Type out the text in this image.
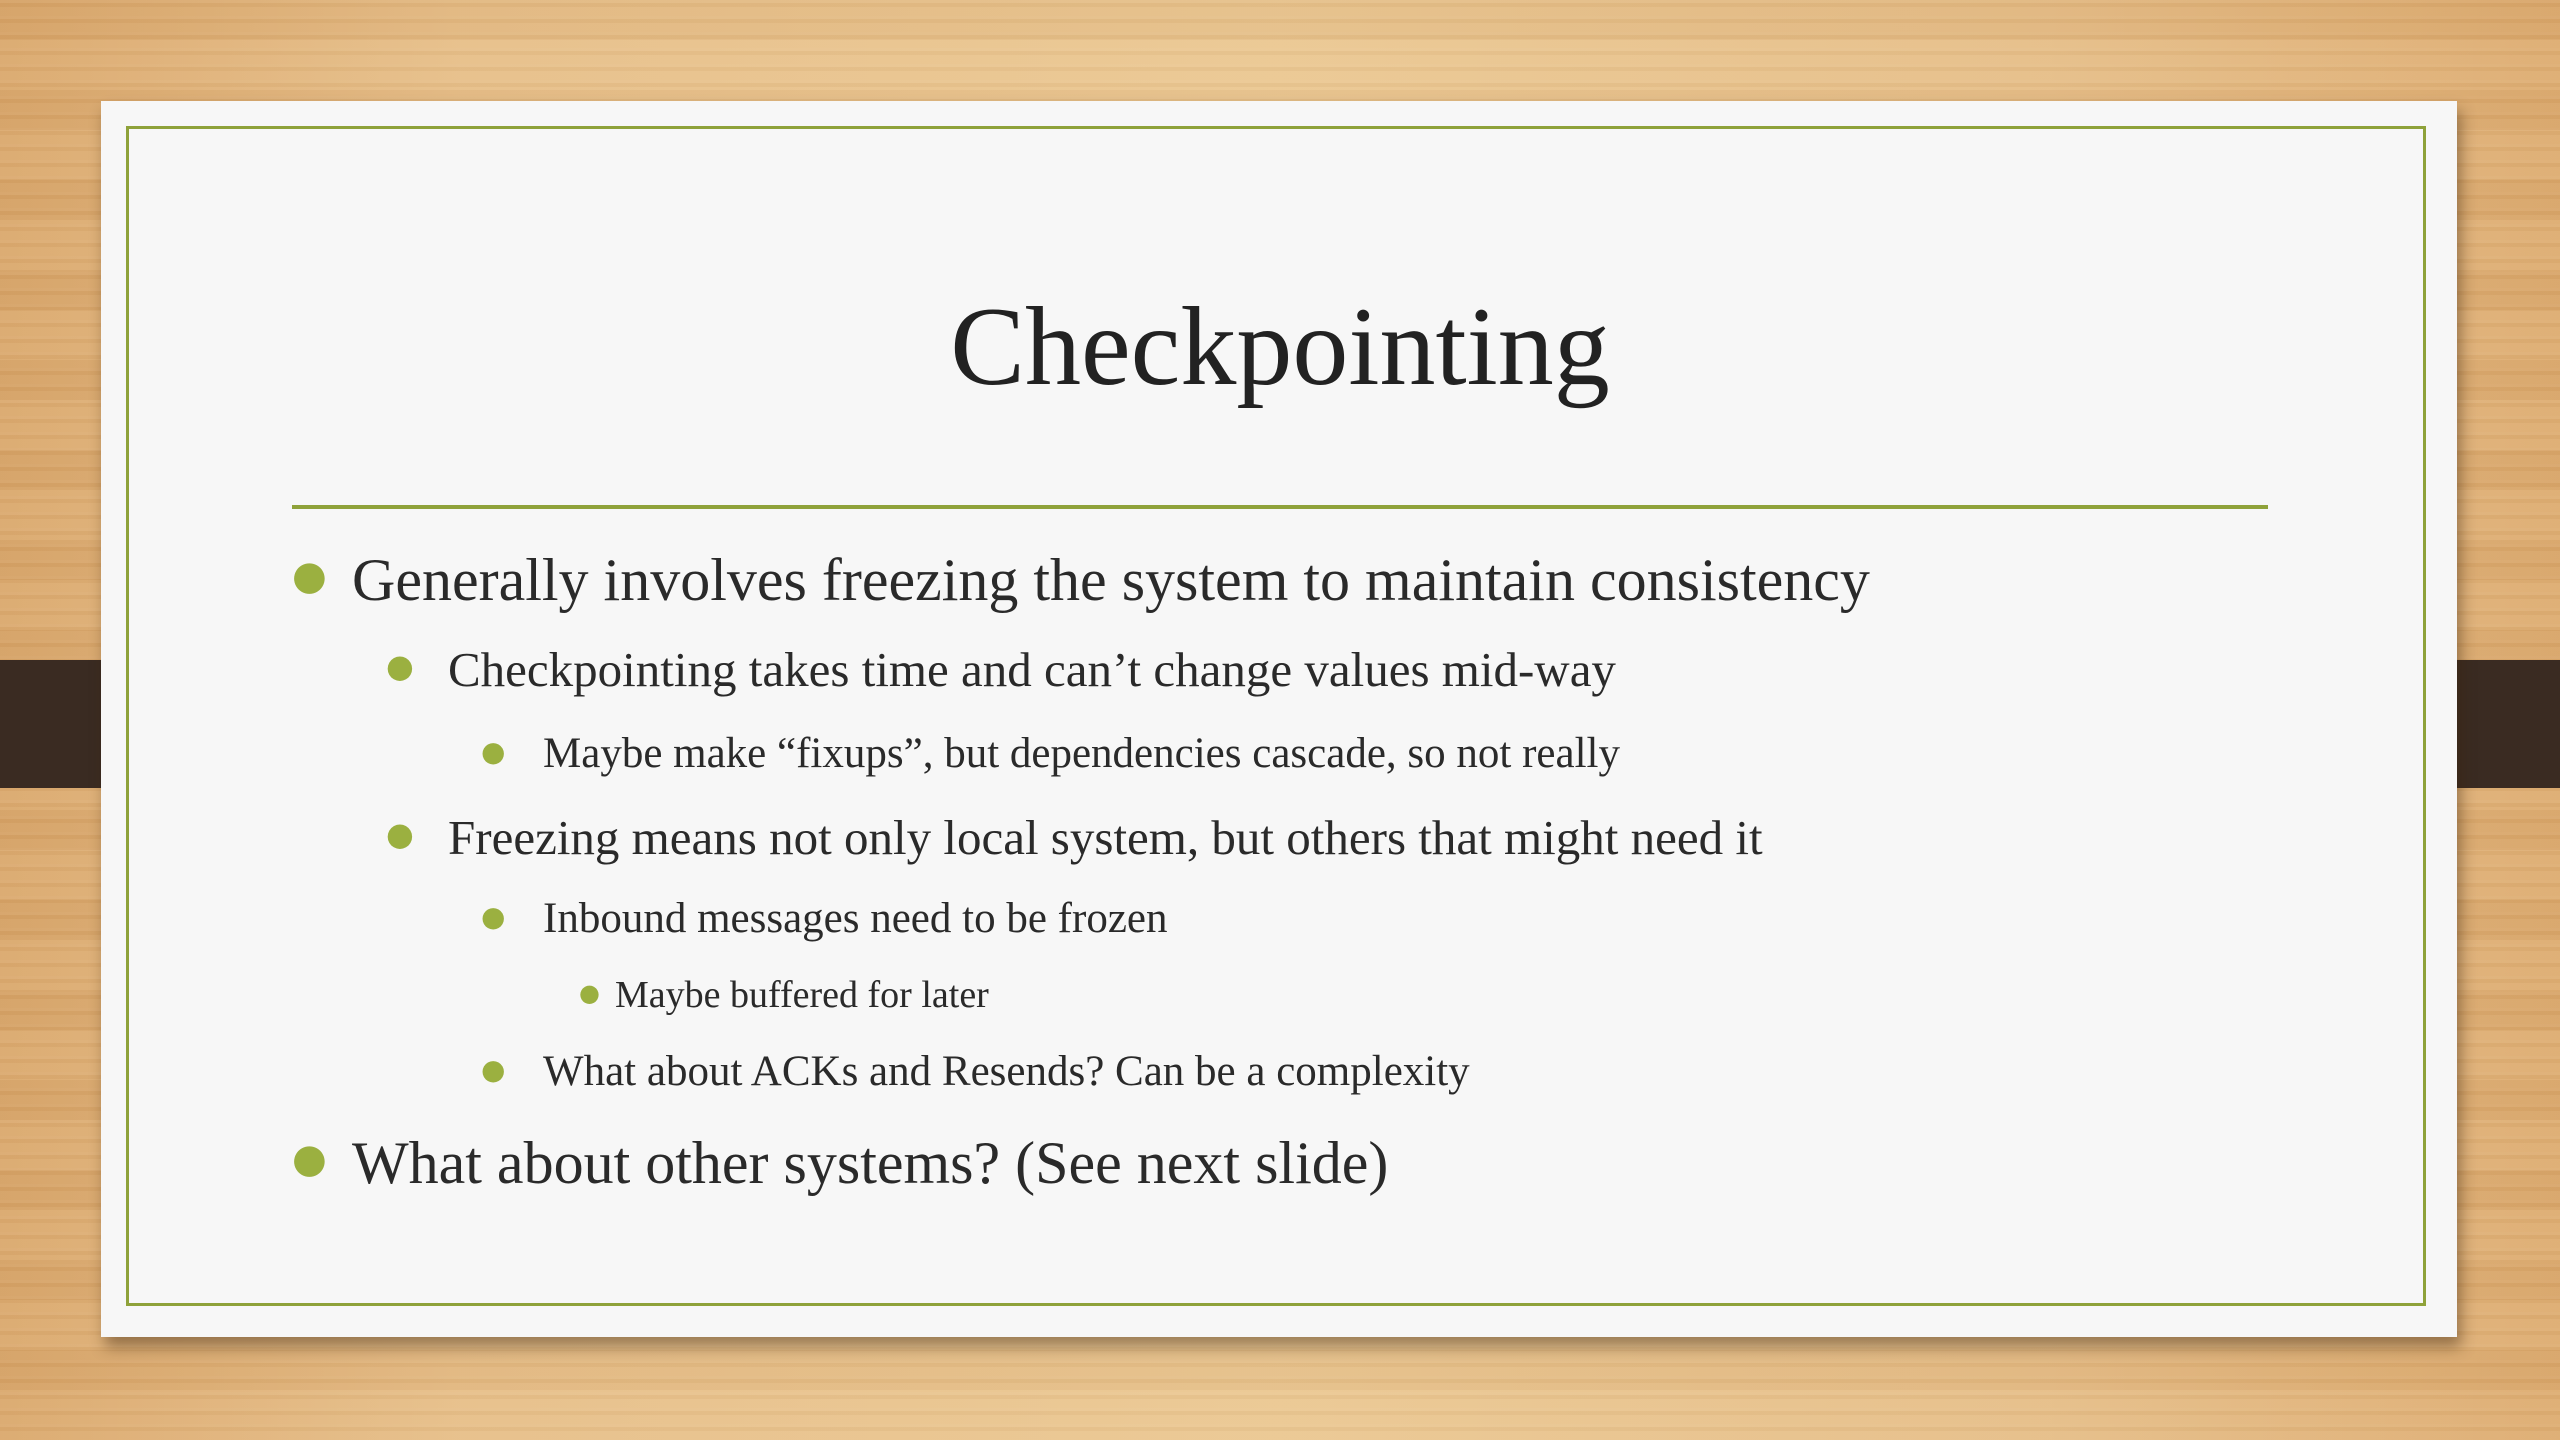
Checkpointing
● Generally involves freezing the system to maintain consistency
● Checkpointing takes time and can’t change values mid-way
● Maybe make “fixups”, but dependencies cascade, so not really
● Freezing means not only local system, but others that might need it
● Inbound messages need to be frozen
● Maybe buffered for later
● What about ACKs and Resends? Can be a complexity
● What about other systems? (See next slide)
